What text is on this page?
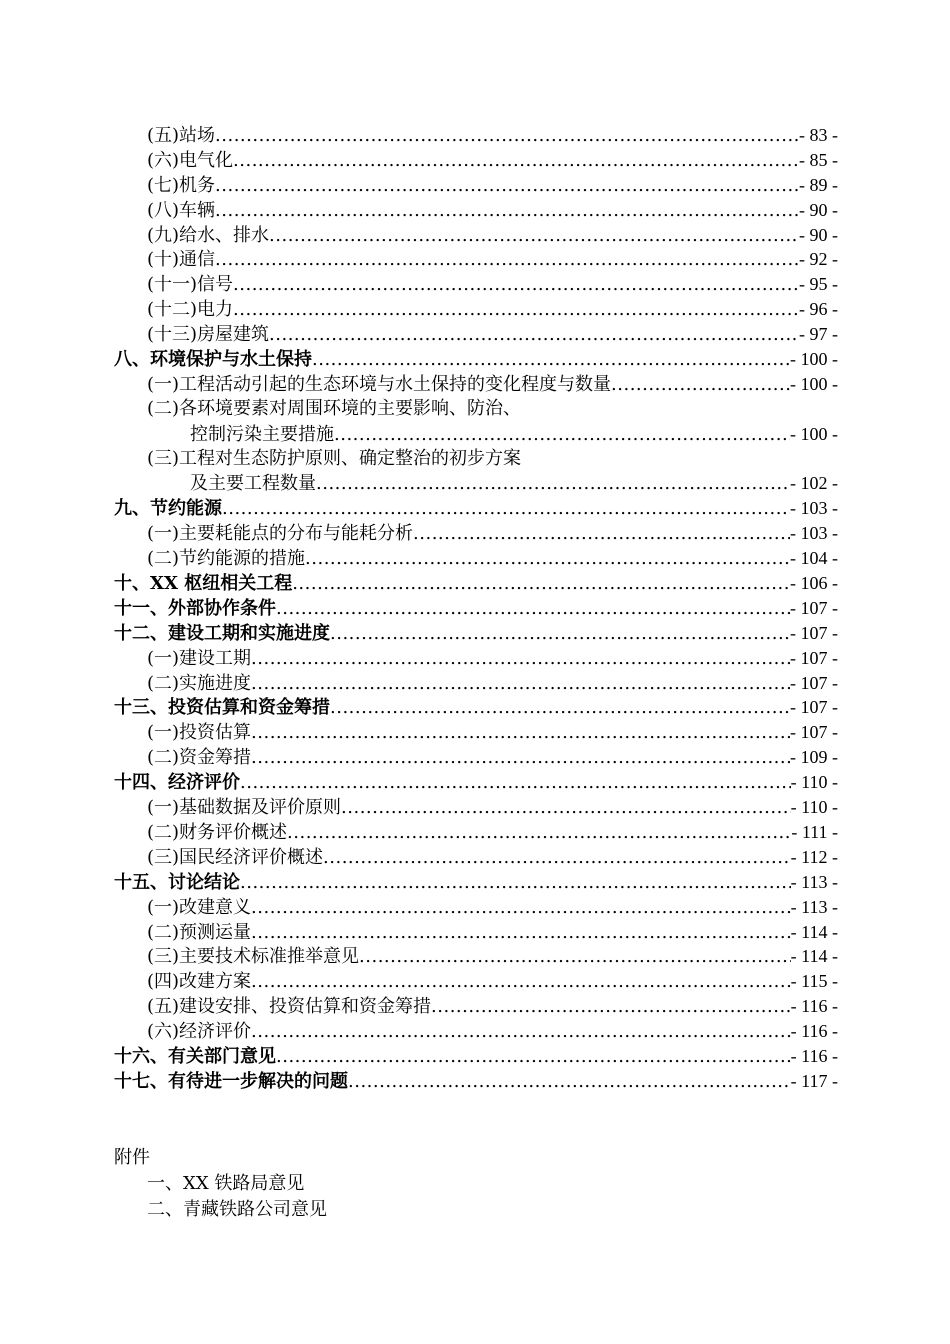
(五)站场 .....	- 83 -
(六)电气化 .....	- 85 -
(七)机务 .....	- 89 -
(八)车辆 .....	- 90 -
(九)给水、排水 .....	- 90 -
(十)通信 .....	- 92 -
(十一)信号 .....	- 95 -
(十二)电力 .....	- 96 -
(十三)房屋建筑 .....	- 97 -
八、环境保护与水土保持 .....	- 100 -
(一)工程活动引起的生态环境与水土保持的变化程度与数量 .....	- 100 -
(二)各环境要素对周围环境的主要影响、防治、
控制污染主要措施 .....	- 100 -
(三)工程对生态防护原则、确定整治的初步方案
及主要工程数量 .....	- 102 -
九、节约能源 .....	- 103 -
(一)主要耗能点的分布与能耗分析 .....	- 103 -
(二)节约能源的措施 .....	- 104 -
十、XX 枢纽相关工程 .....	- 106 -
十一、外部协作条件 .....	- 107 -
十二、建设工期和实施进度 .....	- 107 -
(一)建设工期 .....	- 107 -
(二)实施进度 .....	- 107 -
十三、投资估算和资金筹措 .....	- 107 -
(一)投资估算 .....	- 107 -
(二)资金筹措 .....	- 109 -
十四、经济评价 .....	- 110 -
(一)基础数据及评价原则 .....	- 110 -
(二)财务评价概述 .....	- 111 -
(三)国民经济评价概述 .....	- 112 -
十五、讨论结论 .....	- 113 -
(一)改建意义 .....	- 113 -
(二)预测运量 .....	- 114 -
(三)主要技术标准推举意见 .....	- 114 -
(四)改建方案 .....	- 115 -
(五)建设安排、投资估算和资金筹措 .....	- 116 -
(六)经济评价 .....	- 116 -
十六、有关部门意见 .....	- 116 -
十七、有待进一步解决的问题 .....	- 117 -
附件
一、XX 铁路局意见
二、青藏铁路公司意见
